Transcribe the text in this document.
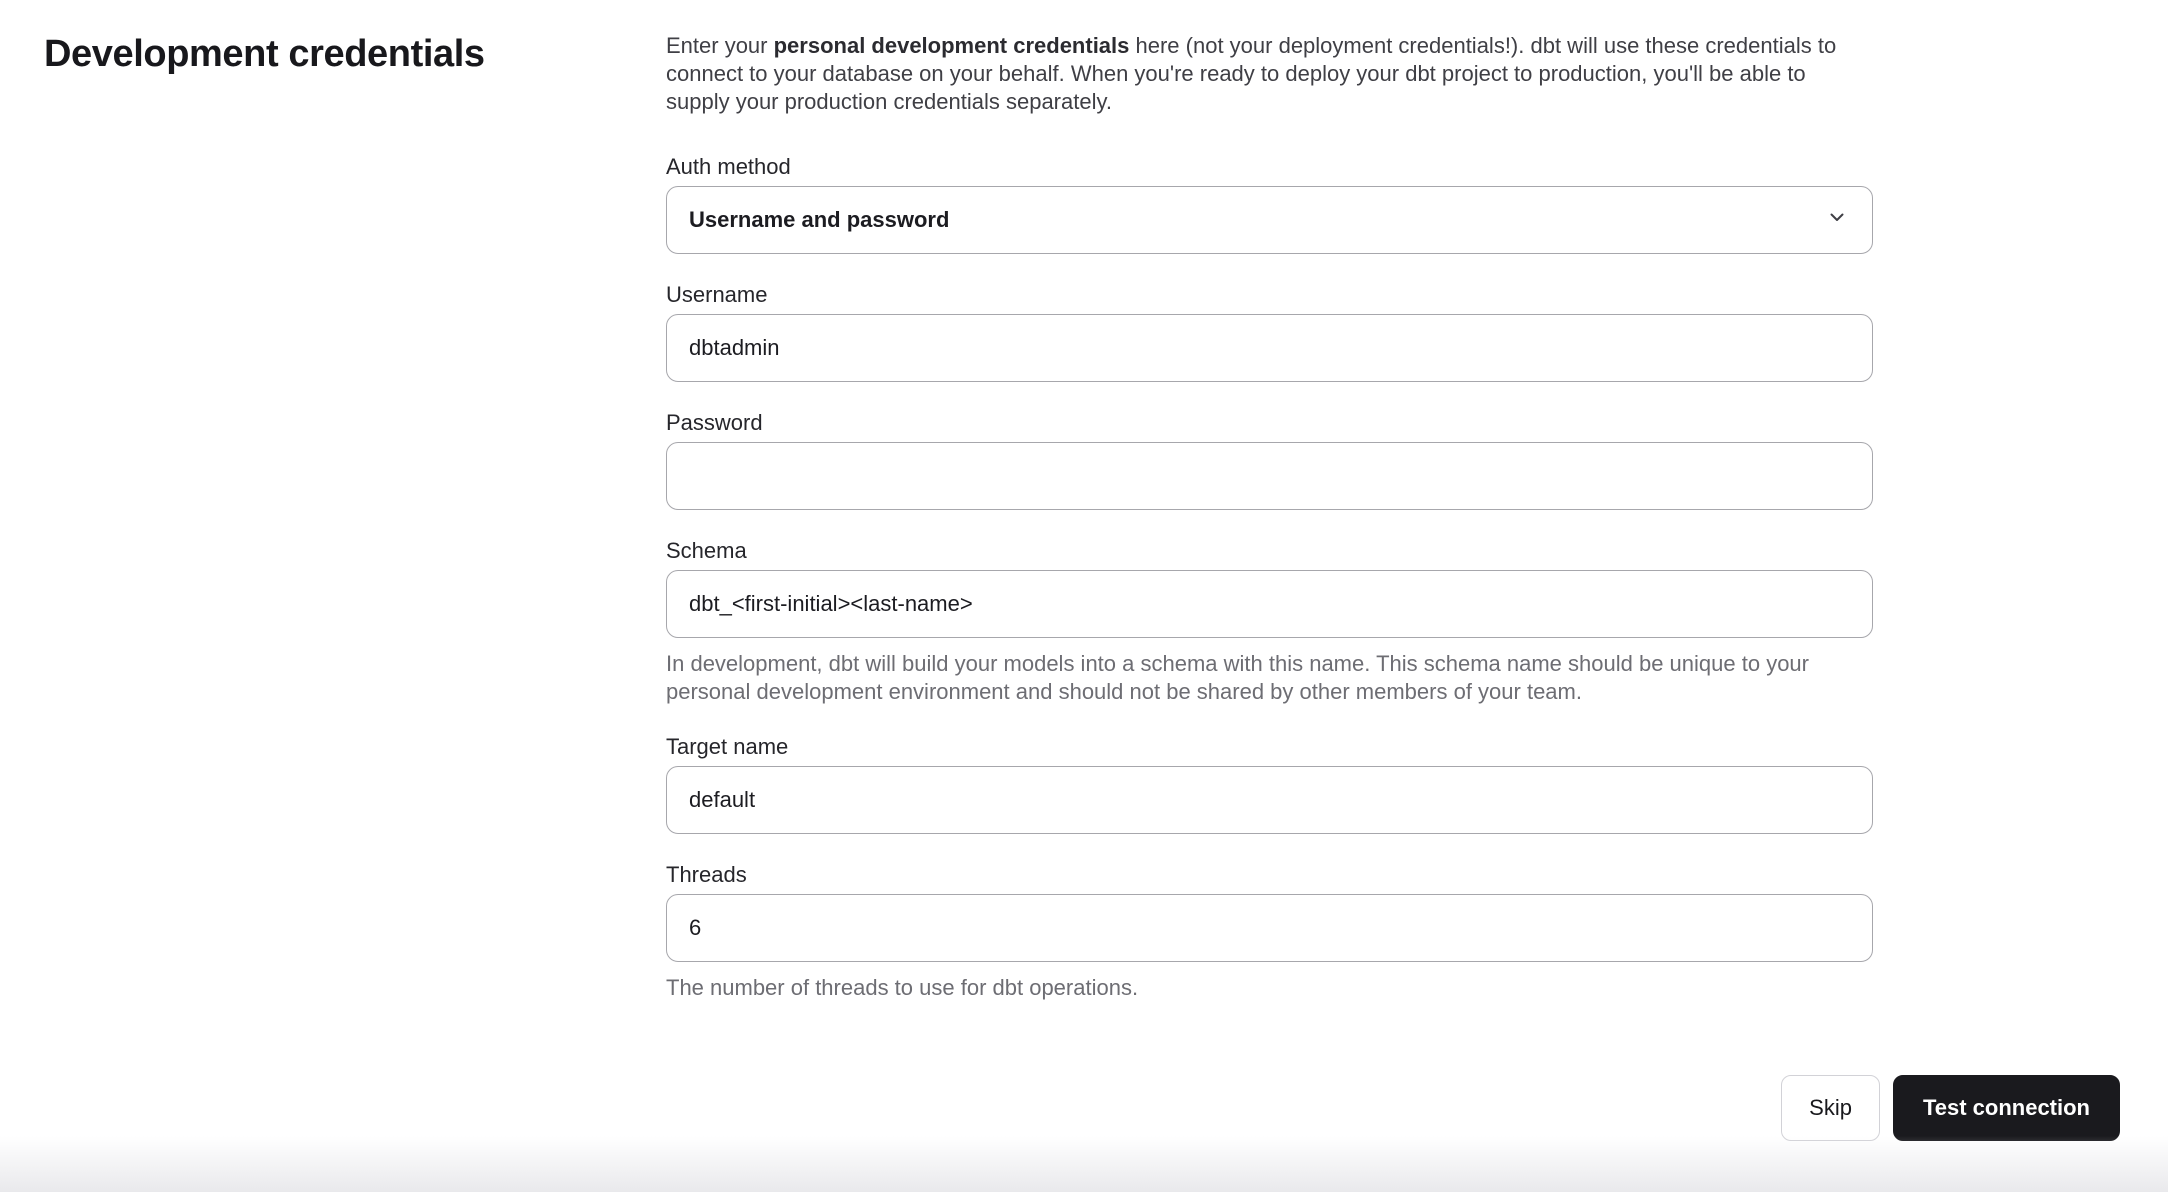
Development credentials	Enter your personal development credentials here (not your deployment credentials!). dbt will use these credentials to connect to your database on your behalf. When you're ready to deploy your dbt project to production, you'll be able to supply your production credentials separately.

Auth method
Username and password
Username
dbtadmin
Password
Schema
dbt_<first-initial><last-name>

In development, dbt will build your models into a schema with this name. This schema name should be unique to your personal development environment and should not be shared by other members of your team.

Target name
default
Threads
6

The number of threads to use for dbt operations.

Skip	Test connection
